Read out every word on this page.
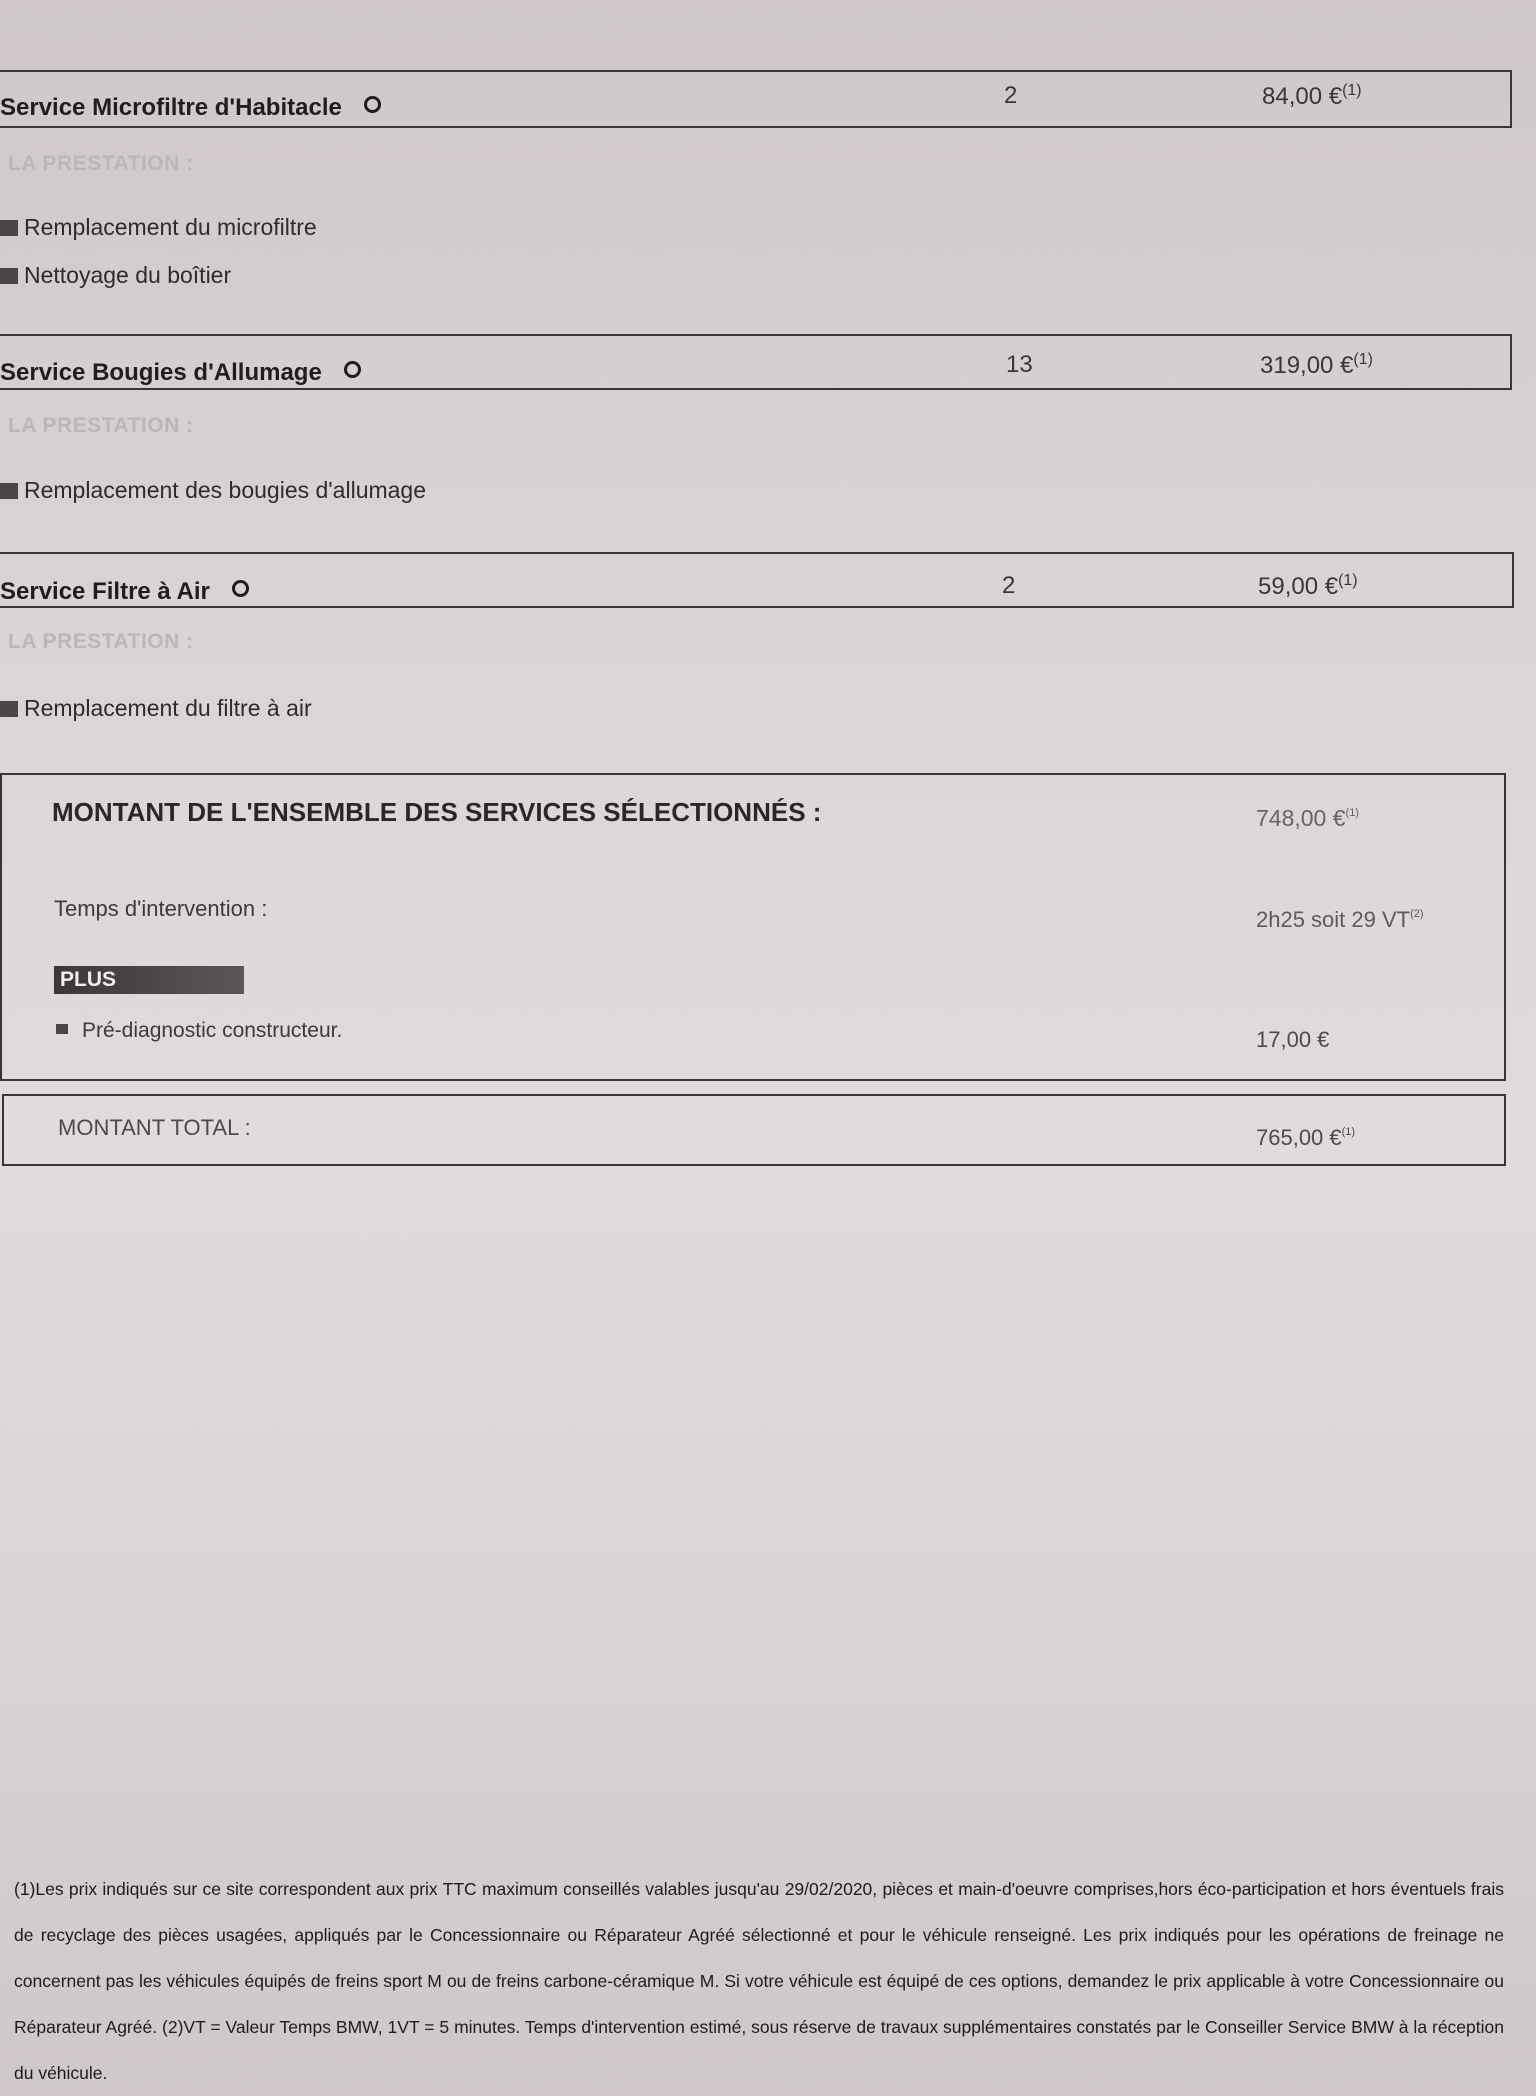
Service Microfiltre d'Habitacle	2	84,00 €$^{(1)}$
LA PRESTATION :
Remplacement du microfiltre
Nettoyage du boîtier
Service Bougies d'Allumage	13	319,00 €$^{(1)}$
LA PRESTATION :
Remplacement des bougies d'allumage
Service Filtre à Air	2	59,00 €$^{(1)}$
LA PRESTATION :
Remplacement du filtre à air
MONTANT DE L'ENSEMBLE DES SERVICES SÉLECTIONNÉS :	748,00 €$^{(1)}$
Temps d'intervention :	2h25 soit 29 VT$^{(2)}$
PLUS
Pré-diagnostic constructeur.	17,00 €
MONTANT TOTAL :	765,00 €$^{(1)}$
(1)Les prix indiqués sur ce site correspondent aux prix TTC maximum conseillés valables jusqu'au 29/02/2020, pièces et main-d'oeuvre comprises,hors éco-participation et hors éventuels frais de recyclage des pièces usagées, appliqués par le Concessionnaire ou Réparateur Agréé sélectionné et pour le véhicule renseigné. Les prix indiqués pour les opérations de freinage ne concernent pas les véhicules équipés de freins sport M ou de freins carbone-céramique M. Si votre véhicule est équipé de ces options, demandez le prix applicable à votre Concessionnaire ou Réparateur Agréé. (2)VT = Valeur Temps BMW, 1VT = 5 minutes. Temps d'intervention estimé, sous réserve de travaux supplémentaires constatés par le Conseiller Service BMW à la réception du véhicule.
